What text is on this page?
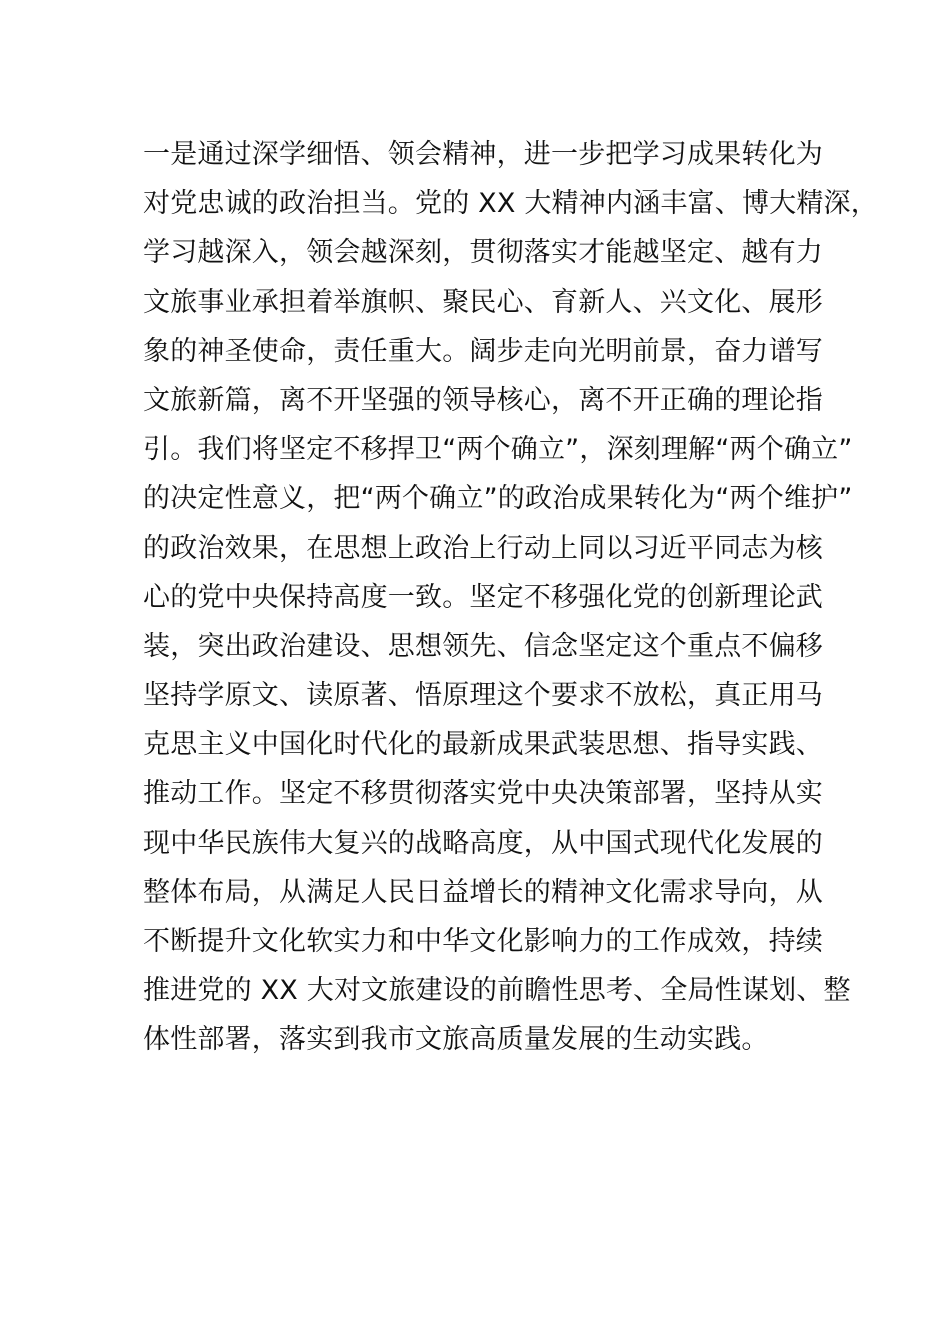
一是通过深学细悟、领会精神，进一步把学习成果转化为
对党忠诚的政治担当。党的 XX 大精神内涵丰富、博大精深，
学习越深入，领会越深刻，贯彻落实才能越坚定、越有力
文旅事业承担着举旗帜、聚民心、育新人、兴文化、展形
象的神圣使命，责任重大。阔步走向光明前景，奋力谱写
文旅新篇，离不开坚强的领导核心，离不开正确的理论指
引。我们将坚定不移捍卫“两个确立”，深刻理解“两个确立”
的决定性意义，把“两个确立”的政治成果转化为“两个维护”
的政治效果，在思想上政治上行动上同以习近平同志为核
心的党中央保持高度一致。坚定不移强化党的创新理论武
装，突出政治建设、思想领先、信念坚定这个重点不偏移
坚持学原文、读原著、悟原理这个要求不放松，真正用马
克思主义中国化时代化的最新成果武装思想、指导实践、
推动工作。坚定不移贯彻落实党中央决策部署，坚持从实
现中华民族伟大复兴的战略高度，从中国式现代化发展的
整体布局，从满足人民日益增长的精神文化需求导向，从
不断提升文化软实力和中华文化影响力的工作成效，持续
推进党的 XX 大对文旅建设的前瞻性思考、全局性谋划、整
体性部署，落实到我市文旅高质量发展的生动实践。
